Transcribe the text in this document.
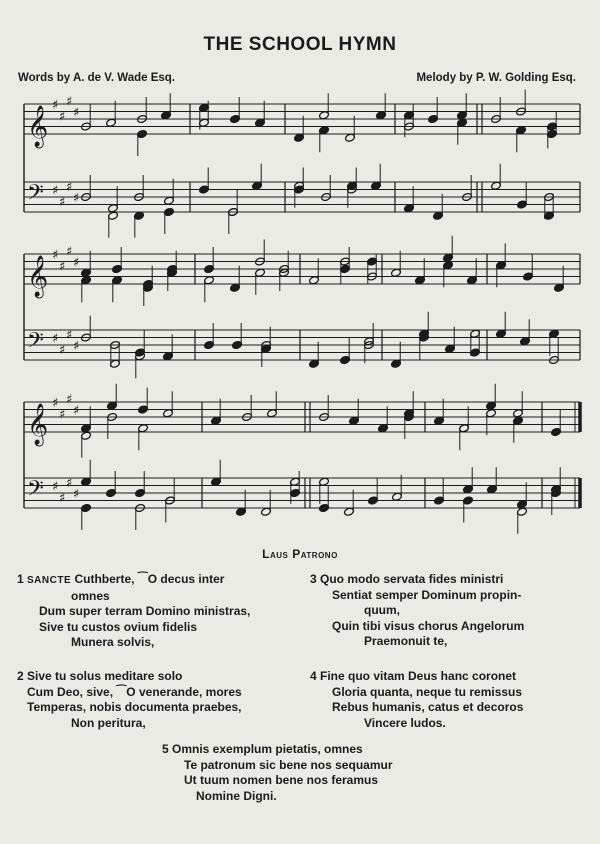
THE SCHOOL HYMN
Words by A. de V. Wade Esq.	Melody by P. W. Golding Esq.
𝄞
♯
♯
♯
♯
𝄢 ♯
♯
♯
♯
𝄞
♯
♯
♯
♯
𝄢 ♯
♯
♯
♯
𝄞
♯
♯
♯
♯
𝄢 ♯
♯
♯
♯
Laus Patrono
1 SANCTE Cuthberte, ⁀O decus inter
omnes
Dum super terram Domino ministras,
Sive tu custos ovium fidelis
Munera solvis,
2 Sive tu solus meditare solo
Cum Deo, sive, ⁀O venerande, mores
Temperas, nobis documenta praebes,
Non peritura,
3 Quo modo servata fides ministri
Sentiat semper Dominum propin-
quum,
Quin tibi visus chorus Angelorum
Praemonuit te,
4 Fine quo vitam Deus hanc coronet
Gloria quanta, neque tu remissus
Rebus humanis, catus et decoros
Vincere ludos.
5 Omnis exemplum pietatis, omnes
Te patronum sic bene nos sequamur
Ut tuum nomen bene nos feramus
Nomine Digni.
